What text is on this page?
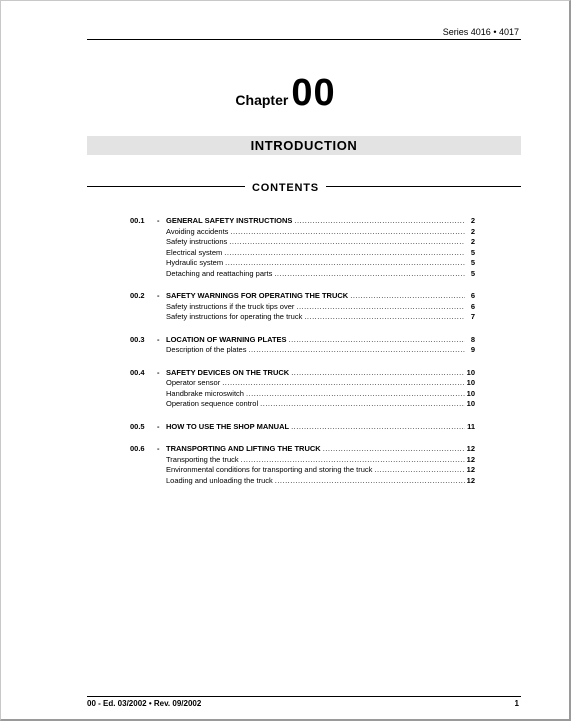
Series 4016 • 4017
Chapter00
INTRODUCTION
CONTENTS
00.1	- GENERAL SAFETY INSTRUCTIONS .....	2
Avoiding accidents .....	2
Safety instructions .....	2
Electrical system .....	5
Hydraulic system .....	5
Detaching and reattaching parts .....	5
00.2	- SAFETY WARNINGS FOR OPERATING THE TRUCK .....	6
Safety instructions if the truck tips over .....	6
Safety instructions for operating the truck .....	7
00.3	- LOCATION OF WARNING PLATES .....	8
Description of the plates .....	9
00.4	- SAFETY DEVICES ON THE TRUCK .....	10
Operator sensor .....	10
Handbrake microswitch .....	10
Operation sequence control .....	10
00.5	- HOW TO USE THE SHOP MANUAL .....	11
00.6	- TRANSPORTING AND LIFTING THE TRUCK .....	12
Transporting the truck .....	12
Environmental conditions for transporting and storing the truck .....	12
Loading and unloading the truck .....	12
00 - Ed. 03/2002 • Rev. 09/2002	1
